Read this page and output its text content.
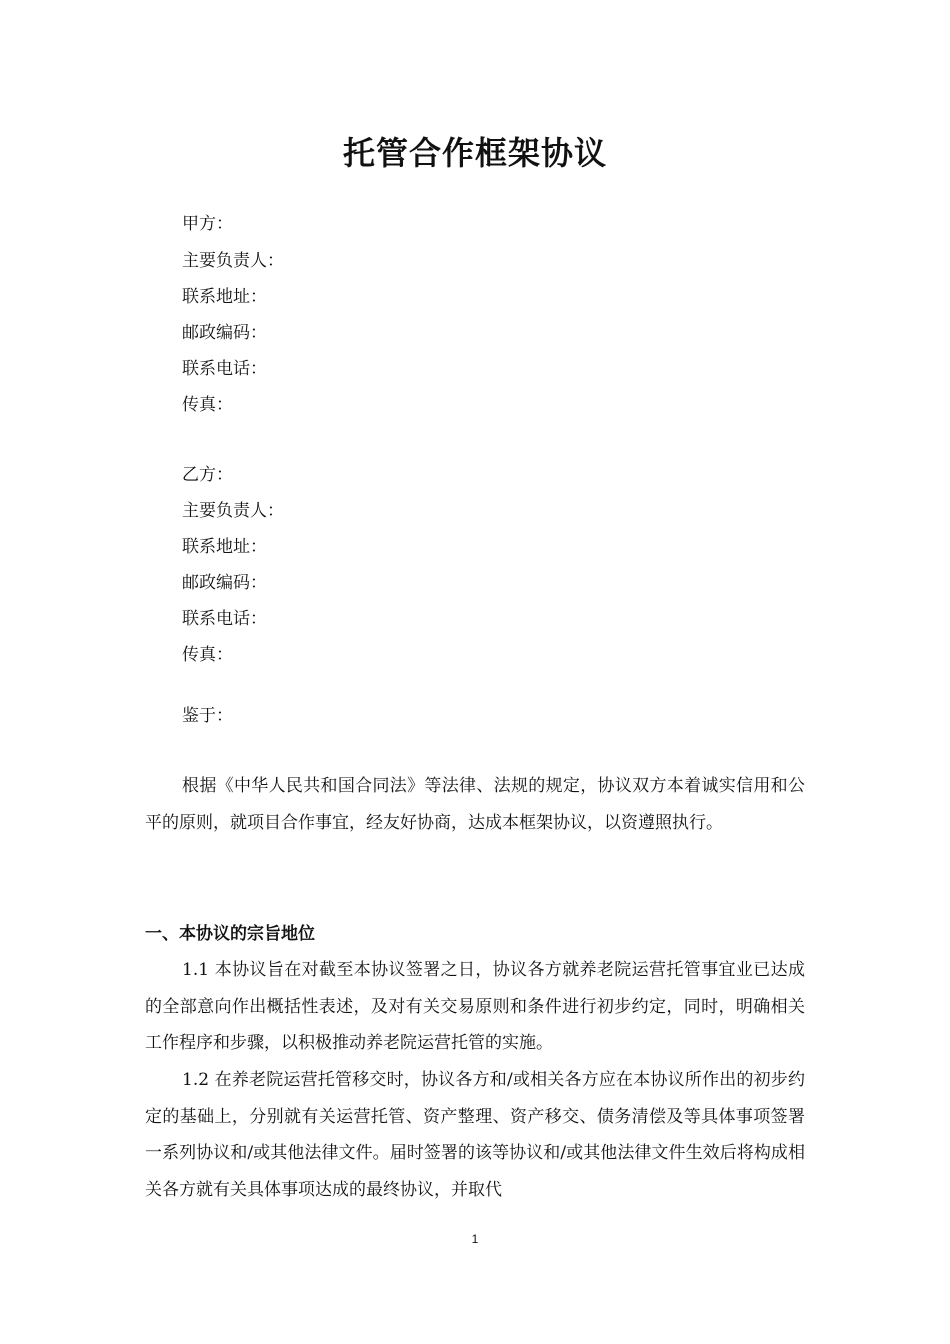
托管合作框架协议
甲方：
主要负责人：
联系地址：
邮政编码：
联系电话：
传真：
乙方：
主要负责人：
联系地址：
邮政编码：
联系电话：
传真：
鉴于：
根据《中华人民共和国合同法》等法律、法规的规定，协议双方本着诚实信用和公平的原则，就项目合作事宜，经友好协商，达成本框架协议，以资遵照执行。
一、本协议的宗旨地位
1.1 本协议旨在对截至本协议签署之日，协议各方就养老院运营托管事宜业已达成的全部意向作出概括性表述，及对有关交易原则和条件进行初步约定，同时，明确相关工作程序和步骤，以积极推动养老院运营托管的实施。
1.2 在养老院运营托管移交时，协议各方和/或相关各方应在本协议所作出的初步约定的基础上，分别就有关运营托管、资产整理、资产移交、债务清偿及等具体事项签署一系列协议和/或其他法律文件。届时签署的该等协议和/或其他法律文件生效后将构成相关各方就有关具体事项达成的最终协议，并取代
1
